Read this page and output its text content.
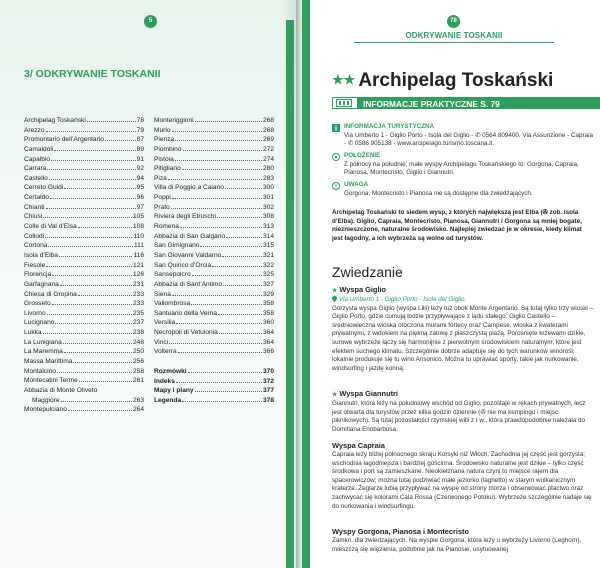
5
3/ ODKRYWANIE TOSKANII
Archipelag Toskański	78
Arezzo	79
Promontario dell’Argentario	87
Camaldoli	89
Capalbio	91
Carrara	92
Castello	94
Cerreto Guidi	95
Certaldo	96
Chianti	97
Chiusi	105
Colle di Val d’Elsa	108
Collodi	110
Cortona	111
Isola d’Elba	116
Fiesole	121
Florencja	126
Garfagnana	231
Chiesa di Gropina	233
Grosseto	233
Livorno	235
Lucignano	237
Lukka	238
La Lunigiana	248
La Maremma	250
Massa Marittima	256
Montalcino	258
Montecatini Terme	261
Abbazia di Monte Oliveto
Maggiore	263
Montepulciano	264
Monteriggioni	268
Murlo	268
Pienza	269
Piombino	272
Pistoia	274
Pitigliano	280
Piza	283
Villa di Poggio a Caiano	300
Poppi	301
Prato	302
Riviera degli Etruschi	308
Romena	313
Abbazia di San Galgano	314
San Gimignano	315
San Giovanni Valdarno	321
San Quirico d’Orcia	322
Sansepolcro	325
Abbazia di Sant’Antimo	327
Siena	329
Vallombrosa	358
Santuario della Verna	358
Versilia	360
Necropoli di Vetulonia	364
Vinci	364
Volterra	366
Rozmówki	370
Indeks	372
Mapy i plany	377
Legenda	378
78
ODKRYWANIE TOSKANII
★★ Archipelag Toskański
INFORMACJE PRAKTYCZNE S. 79
INFORMACJA TURYSTYCZNA
Via Umberto 1 - Giglio Porto - Isola del Giglio - ✆ 0564 809400. Via Assunzione - Capraia - ✆ 0586 905138 - www.arcipelago.turismo.toscana.it.
POŁOŻENIE
Z północy na południe; małe wyspy Archipelagu Toskańskiego to: Gorgona, Capraia, Pianosa, Montecristo, Giglio i Giannutri.
UWAGA
Gorgona, Montecristo i Pianosa nie są dostępne dla zwiedzających.
Archipelag Toskański to siedem wysp, z których największą jest Elba (✇ zob. Isola d’Elba). Giglio, Capraia, Montecristo, Pianosa, Giannutri i Gorgona są mniej bogate, nieznieszczone, naturalne środowisko. Najlepiej zwiedzać je w okresie, kiedy klimat jest łagodny, a ich wybrzeża są wolne od turystów.
Zwiedzanie
★ Wyspa Giglio
Via Umberto 1 - Giglio Porto - Isola del Giglio.
Górzysta wyspa Giglio (wyspa Lilii) leży tuż obok Monte Argentario. Są tutaj tylko trzy wioski – Giglio Porto, gdzie cumują łodzie przypływające z lądu stałego; Giglio Castello – średniowieczna wioska otoczona murami fortecy oraz Campese, wioska z kwaterami prywatnymi, z widokiem na piękną zatokę z piaszczystą plażą. Porośnięte krzewami dzikie, surowe wybrzeże łączy się harmonijnie z pierwotnym środowiskiem naturalnym, które jest efektem suchego klimatu. Szczególnie dobrze adaptuje się do tych warunków winorośl; lokalnie produkuje się tu wino Ansonico. Można tu uprawiać sporty, takie jak nurkowanie, windsurfing i jazdę konną.
★ Wyspa Giannutri
Giannutri, która leży na południowy wschód od Giglio, pozostaje w rękach prywatnych, lecz jest otwarta dla turystów przez kilka godzin dziennie (✇ nie ma kempingu i miejsc piknikowych). Są tutaj pozostałości rzymskiej willi z I w., która prawdopodobnie należała do Domitiana Enobarbusa.
Wyspa Capraia
Capraia leży bliżej północnego skraju Korsyki niż Włoch. Zachodnia jej część jest górzysta; wschodnia łagodniejsza i bardziej gościnna. Środowisko naturalne jest dzikie – tylko część środkowa i port są zamieszkane. Nieokiełznana natura czyni to miejsce rajem dla spacerowiczów; można tutaj podziwiać małe jeziorko (laghetto) w starym wulkanicznym kraterze. Żeglarze lubią przypływać na wyspę od strony morza i obserwować ptactwo oraz zachwycać się kolorami Cala Rossa (Czerwonego Potoku). Wybrzeże szczególnie nadaje się do nurkowania i windsurfingu.
Wyspy Gorgona, Pianosa i Montecristo
Zamkn. dla zwiedzających. Na wyspie Gorgona, która leży u wybrzeży Livorno (Leghorn), mieszczą się więzienia, podobnie jak na Pianosie, usytuowanej
